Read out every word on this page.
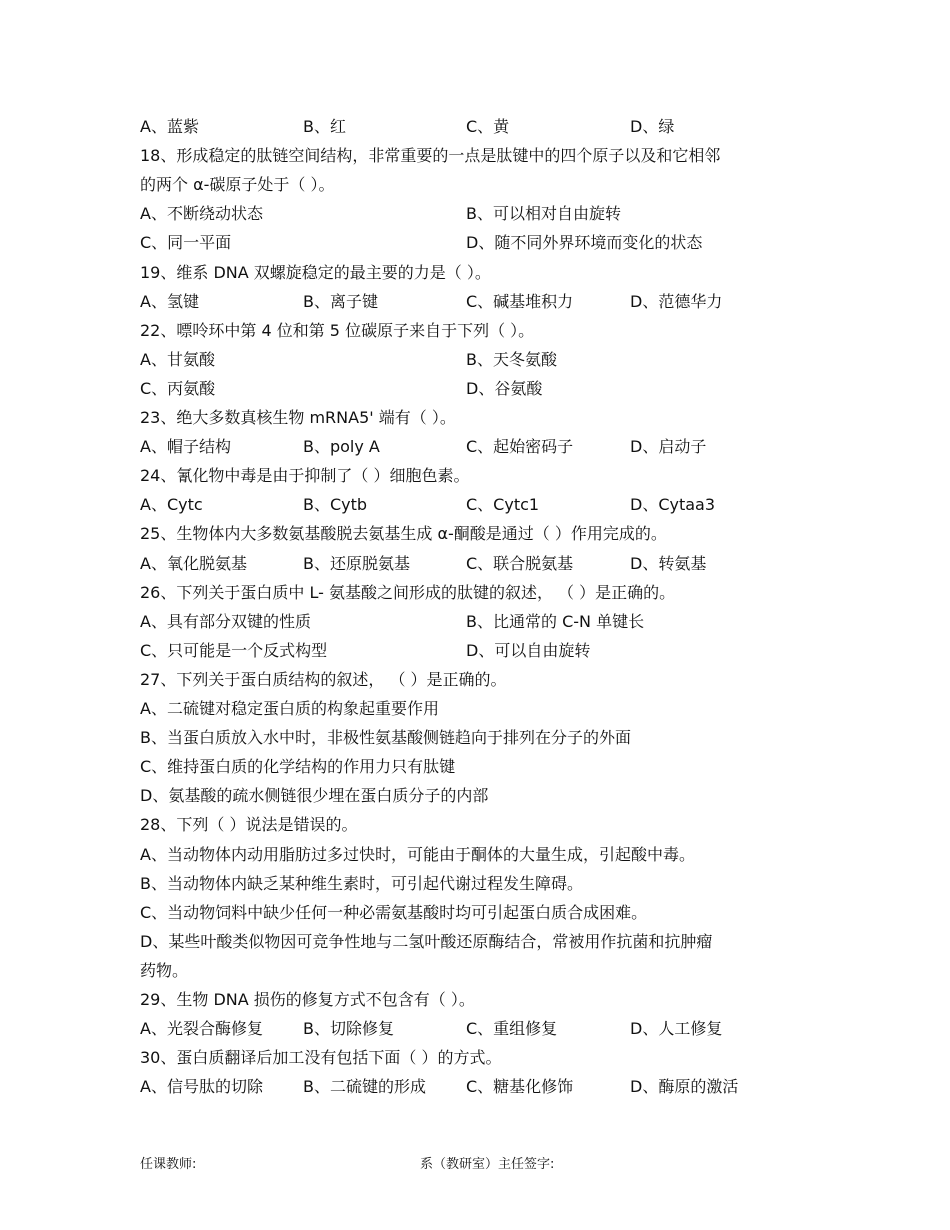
A、蓝紫	B、红	C、黄	D、绿
18、形成稳定的肽链空间结构，非常重要的一点是肽键中的四个原子以及和它相邻
的两个 α-碳原子处于（ ）。
A、不断绕动状态	B、可以相对自由旋转
C、同一平面	D、随不同外界环境而变化的状态
19、维系 DNA 双螺旋稳定的最主要的力是（ ）。
A、氢键	B、离子键	C、碱基堆积力	D、范德华力
22、嘌呤环中第 4 位和第 5 位碳原子来自于下列（ ）。
A、甘氨酸	B、天冬氨酸
C、丙氨酸	D、谷氨酸
23、绝大多数真核生物 mRNA5' 端有（ ）。
A、帽子结构	B、poly A	C、起始密码子	D、启动子
24、氰化物中毒是由于抑制了（ ）细胞色素。
A、Cytc	B、Cytb	C、Cytc1	D、Cytaa3
25、生物体内大多数氨基酸脱去氨基生成 α-酮酸是通过（ ）作用完成的。
A、氧化脱氨基	B、还原脱氨基	C、联合脱氨基	D、转氨基
26、下列关于蛋白质中 L- 氨基酸之间形成的肽键的叙述， （ ）是正确的。
A、具有部分双键的性质	B、比通常的 C-N 单键长
C、只可能是一个反式构型	D、可以自由旋转
27、下列关于蛋白质结构的叙述， （ ）是正确的。
A、二硫键对稳定蛋白质的构象起重要作用
B、当蛋白质放入水中时，非极性氨基酸侧链趋向于排列在分子的外面
C、维持蛋白质的化学结构的作用力只有肽键
D、氨基酸的疏水侧链很少埋在蛋白质分子的内部
28、下列（ ）说法是错误的。
A、当动物体内动用脂肪过多过快时，可能由于酮体的大量生成，引起酸中毒。
B、当动物体内缺乏某种维生素时，可引起代谢过程发生障碍。
C、当动物饲料中缺少任何一种必需氨基酸时均可引起蛋白质合成困难。
D、某些叶酸类似物因可竞争性地与二氢叶酸还原酶结合，常被用作抗菌和抗肿瘤
药物。
29、生物 DNA 损伤的修复方式不包含有（ ）。
A、光裂合酶修复	B、切除修复	C、重组修复	D、人工修复
30、蛋白质翻译后加工没有包括下面（ ）的方式。
A、信号肽的切除	B、二硫键的形成	C、糖基化修饰	D、酶原的激活
任课教师:	系（教研室）主任签字:
